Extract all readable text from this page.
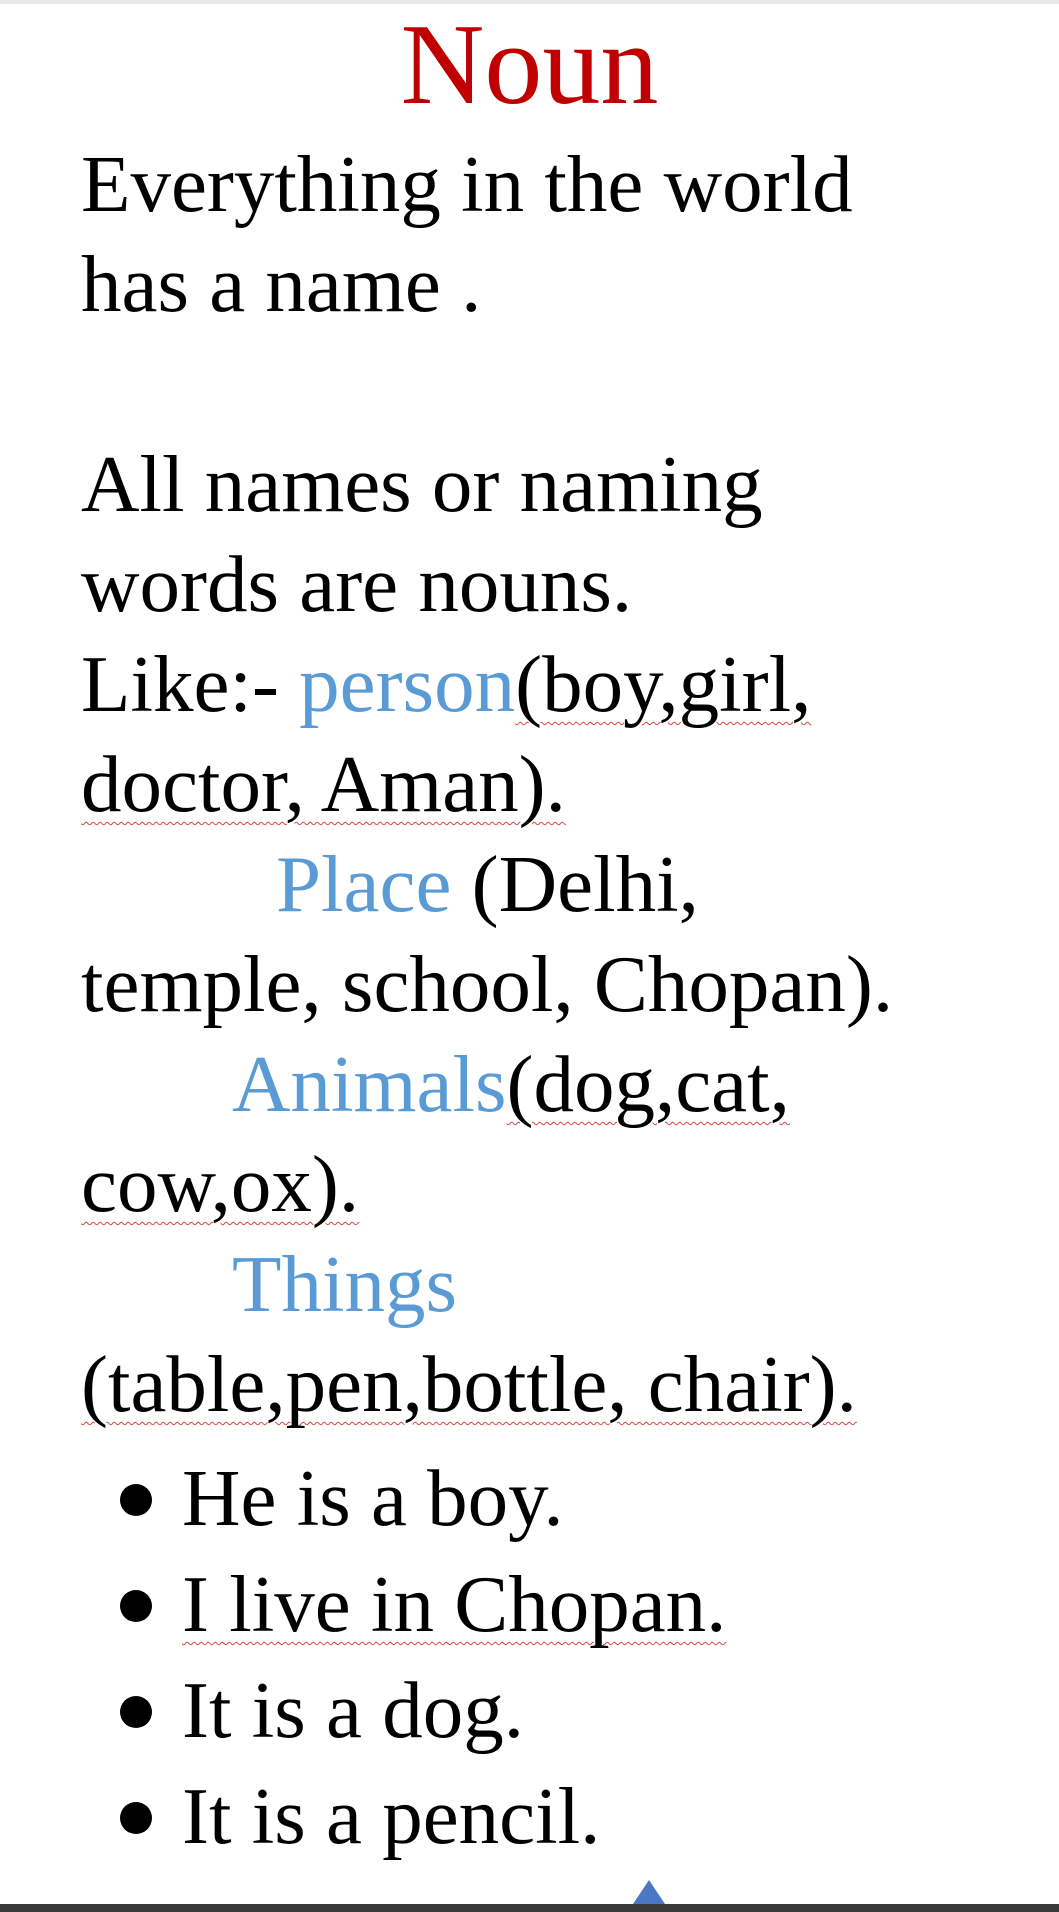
Noun
Everything in the world
has a name .
All names or naming
words are nouns.
Like:- person(boy,girl,
doctor, Aman).
Place (Delhi,
temple, school, Chopan).
Animals(dog,cat,
cow,ox).
Things
(table,pen,bottle, chair).
He is a boy.
I live in Chopan.
It is a dog.
It is a pencil.
